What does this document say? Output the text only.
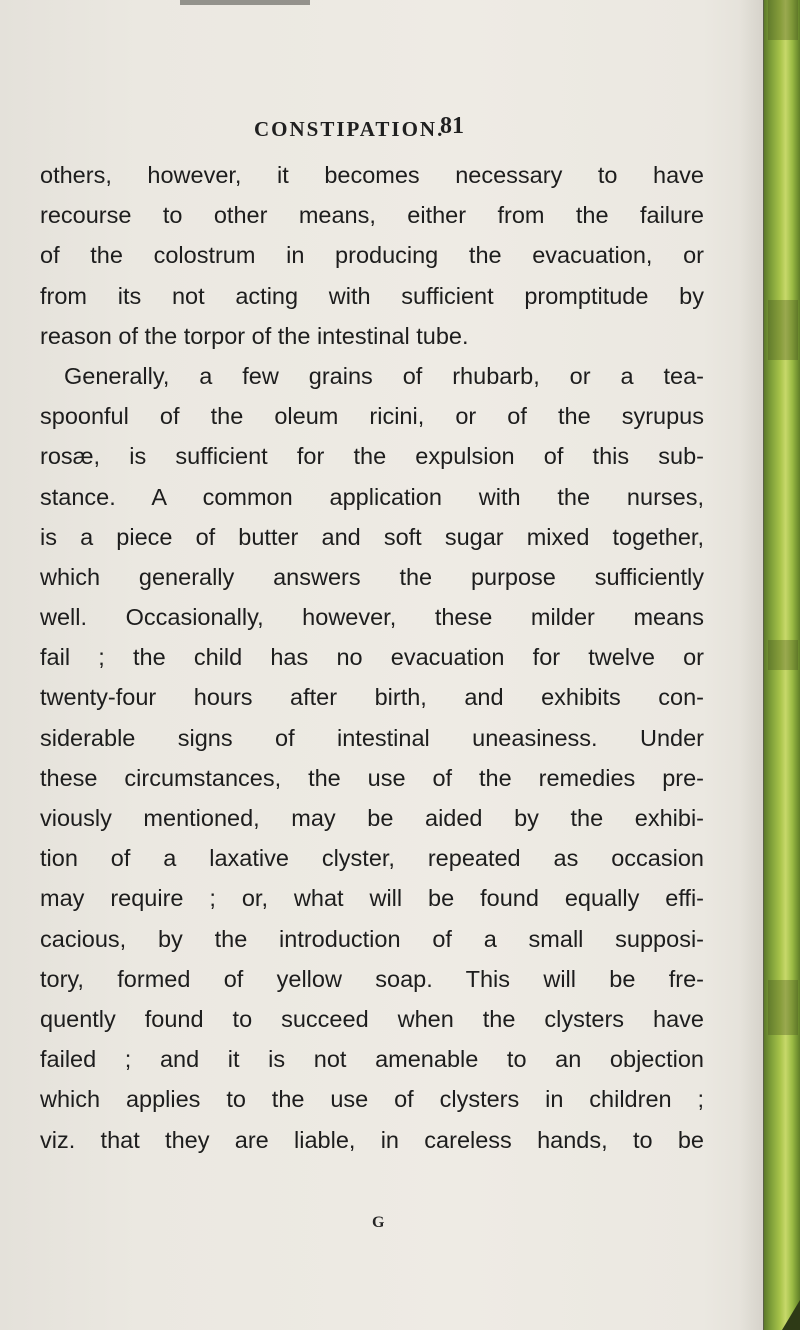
CONSTIPATION.
81
others, however, it becomes necessary to have
recourse to other means, either from the failure
of the colostrum in producing the evacuation, or
from its not acting with sufficient promptitude by
reason of the torpor of the intestinal tube.
Generally, a few grains of rhubarb, or a tea-
spoonful of the oleum ricini, or of the syrupus
rosæ, is sufficient for the expulsion of this sub-
stance. A common application with the nurses,
is a piece of butter and soft sugar mixed together,
which generally answers the purpose sufficiently
well. Occasionally, however, these milder means
fail ; the child has no evacuation for twelve or
twenty-four hours after birth, and exhibits con-
siderable signs of intestinal uneasiness. Under
these circumstances, the use of the remedies pre-
viously mentioned, may be aided by the exhibi-
tion of a laxative clyster, repeated as occasion
may require ; or, what will be found equally effi-
cacious, by the introduction of a small supposi-
tory, formed of yellow soap. This will be fre-
quently found to succeed when the clysters have
failed ; and it is not amenable to an objection
which applies to the use of clysters in children ;
viz. that they are liable, in careless hands, to be
G
